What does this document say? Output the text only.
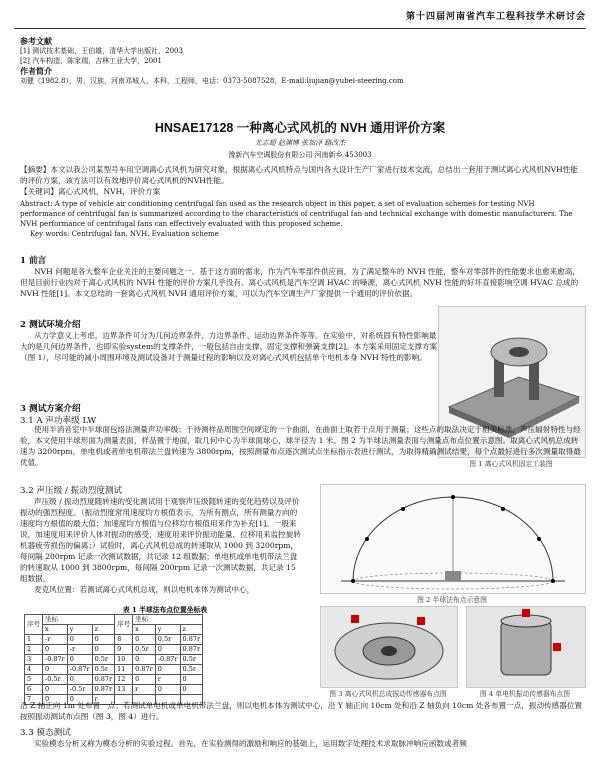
第十四届河南省汽车工程科技学术研讨会
参考文献
[1] 测试技术基础，王伯雄，清华大学出版社，2003
[2] 汽车构造，陈家瑞，吉林工业大学，2001
作者简介
刘健（1982.8），男，汉族，河南邓城人，本科，工程师，电话：0373-5087528，E-mail:liujian@yubei-steering.com
HNSAE17128 一种离心式风机的 NVH 通用评价方案
尤志超 赵渊博 张加泽 路改杰
豫新汽车空调股份有限公司 河南新乡 453003

【摘要】本文以我公司某型号车用空调离心式风机为研究对象，根据离心式风机特点与国内各大设计生产厂家进行技术交流，总结出一套用于测试离心式风机NVH性能的评价方案，该方法可以有效地评价离心式风机的NVH性能。

【关键词】离心式风机，NVH，评价方案

Abstract: A type of vehicle air conditioning centrifugal fan used as the research object in this paper, a set of evaluation schemes for testing NVH performance of centrifugal fan is summarized according to the characteristics of centrifugal fan and technical exchange with domestic manufacturers. The NVH performance of centrifugal fans can effectively evaluated with this proposed scheme.

Key words: Centrifugal fan, NVH, Evaluation scheme

1 前言

NVH 问题是各大整车企业关注的主要问题之一。基于这方面的需求，作为汽车零部件供应商，为了满足整车的 NVH 性能，整车对零部件的性能要求也愈来愈高，但是目前行业内对于离心式风机的 NVH 性能的评价方案几乎没有。离心式风机是汽车空调 HVAC 的噪源，离心式风机 NVH 性能的好坏直接影响空调 HVAC 总成的 NVH 性能[1]。本文总结的一套离心式风机 NVH 通用评价方案，可以为汽车空调生产厂家提供一个通用的评价依据。

2 测试环境介绍

从力学意义上考虑，边界条件可分为几何边界条件、力边界条件、运动边界条件等等。在实验中，对系统固有特性影响最大的是几何边界条件，也即实验system的支撑条件，一般包括自由支撑、固定支撑和弹簧支撑[2]。本方案采用固定支撑方案（图 1），尽可能的减小周围环境及测试设备对于测量过程的影响以及对离心式风机包括单个电机本身 NVH 特性的影响。

图 1 离心式风机固定工装图
3 测试方案介绍
3.1 A 声功率级 LW

使用半消音室中半球面包络法测量声功率级；于待测样品周围空间规定的一个曲面，在曲面上取若干点用于测量；这些点的取法决定于相关标准，声压辐射特性与经验，本文使用半球形面为测量表面，样品置于地面，取几何中心为半球面球心，球半径为 1 米。图 2 为半球法测量表面与测量点布点位置示意图。取离心式风机总成转速为 3200rpm，单电机或者单电机带法兰盘转速为 3800rpm，按照测量布点逐次测试点坐标指示表进行测试，为取得精确测试结果，每个点最好进行多次测量取得最优值。

3.2 声压级 / 振动烈度测试

声压级 / 振动烈度随转速的变化测试用于观察声压级随转速的变化趋势以及评价振动的强烈程度。（振动烈度常用速度均方根值表示，为所有测点，所有测量方向的速度均方根值的最大值；加速度均方根值与位移均方根值用来作为补充[1]。一般来说，加速度用来评价人体对振动的感受，速度用来评价振动能量，位移用来监控旋转机器疲劳损伤的偏离；）试验时，离心式风机总成的转速取从 1000 到 3200rpm，每间隔 200rpm 记录一次测试数据，共记录 12 组数据；单电机或单电机带法兰盘的转速取从 1000 到 3800rpm，每间隔 200rpm 记录一次测试数据，共记录 15 组数据。

麦克风位置：若测试离心式风机总成，则以电机本体为测试中心，

图 2 半球法布点示意图
表 1 半球法布点位置坐标表
序号	坐标			序号	坐标		
	x	y	z		x	y	z
1	-r	0	0	8	0	0.5r	0.87r
2	0	-r	0	9	0.5r	0	0.87r
3	-0.87r	0	0.5r	10	0	-0.87r	0.5r
4	0	-0.87r	0.5r	11	0.87r	0	0.5r
5	-0.5r	0	0.87r	12	0	r	0
6	0	-0.5r	0.87r	13	r	0	0
7	0	0	r				
图 3 离心式风机总成振动传感器布点图	图 4 单电机振动传感器布点图

沿 Z 轴正向 1m 处布置一点；若测试单电机或单电机带法兰盘，则以电机本体为测试中心，沿 Y 轴正向 10cm 处和沿 Z 轴负向 10cm 处各布置一点，振动传感器位置按照振动测试布点图（图 3，图 4）进行。

3.3 模态测试

实验模态分析又称为模态分析的实验过程。首先，在实验测得的激励和响应的基础上，运用数字处理技术求取脉冲响应函数或者频
